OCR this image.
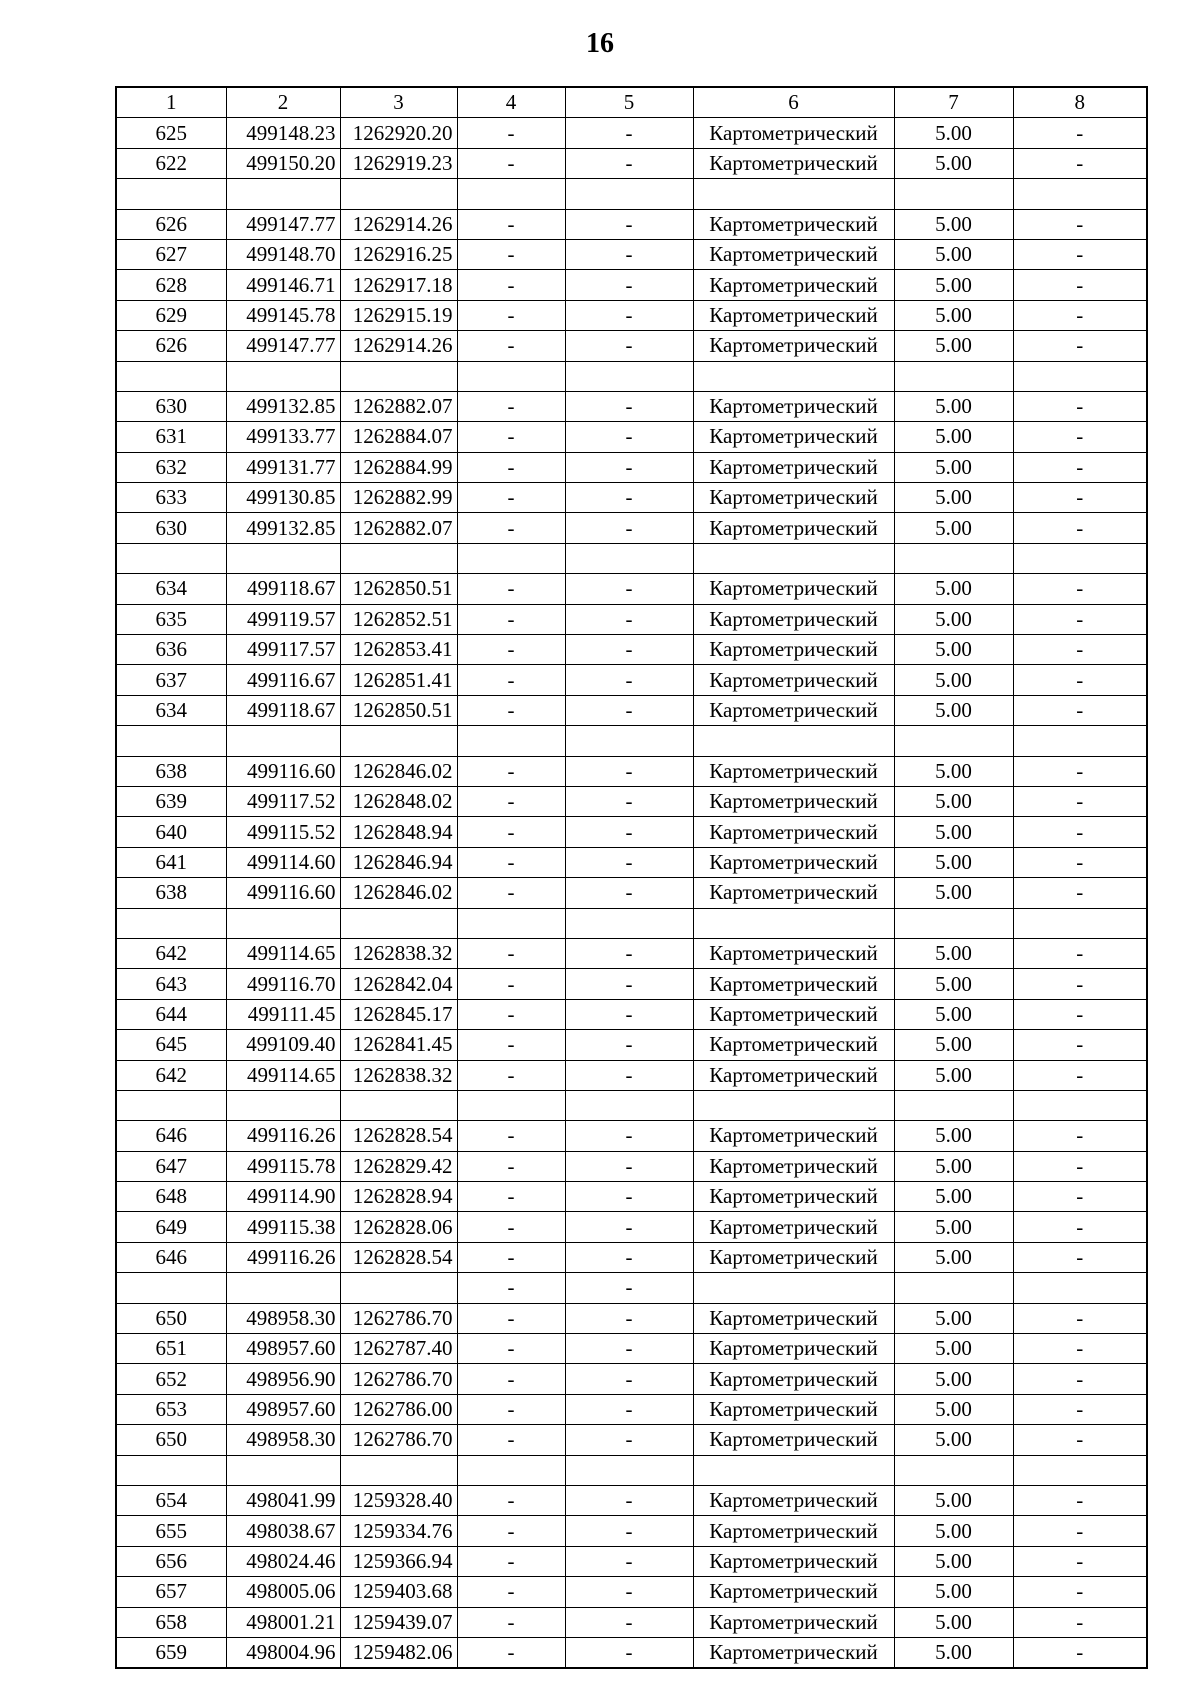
16
1	2	3	4	5	6	7	8
625	499148.23	1262920.20	-	-	Картометрический	5.00	-
622	499150.20	1262919.23	-	-	Картометрический	5.00	-

626	499147.77	1262914.26	-	-	Картометрический	5.00	-
627	499148.70	1262916.25	-	-	Картометрический	5.00	-
628	499146.71	1262917.18	-	-	Картометрический	5.00	-
629	499145.78	1262915.19	-	-	Картометрический	5.00	-
626	499147.77	1262914.26	-	-	Картометрический	5.00	-

630	499132.85	1262882.07	-	-	Картометрический	5.00	-
631	499133.77	1262884.07	-	-	Картометрический	5.00	-
632	499131.77	1262884.99	-	-	Картометрический	5.00	-
633	499130.85	1262882.99	-	-	Картометрический	5.00	-
630	499132.85	1262882.07	-	-	Картометрический	5.00	-

634	499118.67	1262850.51	-	-	Картометрический	5.00	-
635	499119.57	1262852.51	-	-	Картометрический	5.00	-
636	499117.57	1262853.41	-	-	Картометрический	5.00	-
637	499116.67	1262851.41	-	-	Картометрический	5.00	-
634	499118.67	1262850.51	-	-	Картометрический	5.00	-

638	499116.60	1262846.02	-	-	Картометрический	5.00	-
639	499117.52	1262848.02	-	-	Картометрический	5.00	-
640	499115.52	1262848.94	-	-	Картометрический	5.00	-
641	499114.60	1262846.94	-	-	Картометрический	5.00	-
638	499116.60	1262846.02	-	-	Картометрический	5.00	-

642	499114.65	1262838.32	-	-	Картометрический	5.00	-
643	499116.70	1262842.04	-	-	Картометрический	5.00	-
644	499111.45	1262845.17	-	-	Картометрический	5.00	-
645	499109.40	1262841.45	-	-	Картометрический	5.00	-
642	499114.65	1262838.32	-	-	Картометрический	5.00	-

646	499116.26	1262828.54	-	-	Картометрический	5.00	-
647	499115.78	1262829.42	-	-	Картометрический	5.00	-
648	499114.90	1262828.94	-	-	Картометрический	5.00	-
649	499115.38	1262828.06	-	-	Картометрический	5.00	-
646	499116.26	1262828.54	-	-	Картометрический	5.00	-
			-	-			
650	498958.30	1262786.70	-	-	Картометрический	5.00	-
651	498957.60	1262787.40	-	-	Картометрический	5.00	-
652	498956.90	1262786.70	-	-	Картометрический	5.00	-
653	498957.60	1262786.00	-	-	Картометрический	5.00	-
650	498958.30	1262786.70	-	-	Картометрический	5.00	-

654	498041.99	1259328.40	-	-	Картометрический	5.00	-
655	498038.67	1259334.76	-	-	Картометрический	5.00	-
656	498024.46	1259366.94	-	-	Картометрический	5.00	-
657	498005.06	1259403.68	-	-	Картометрический	5.00	-
658	498001.21	1259439.07	-	-	Картометрический	5.00	-
659	498004.96	1259482.06	-	-	Картометрический	5.00	-
